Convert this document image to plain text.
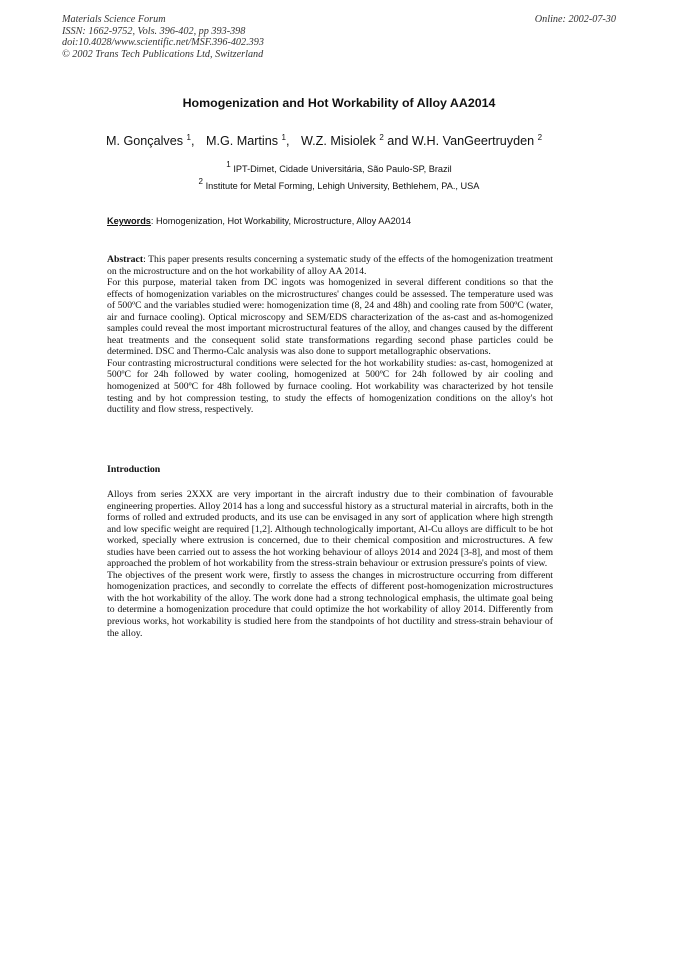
Materials Science Forum
ISSN: 1662-9752, Vols. 396-402, pp 393-398
doi:10.4028/www.scientific.net/MSF.396-402.393
© 2002 Trans Tech Publications Ltd, Switzerland
Online: 2002-07-30
Homogenization and Hot Workability of Alloy AA2014
M. Gonçalves $^1$, M.G. Martins $^1$, W.Z. Misiolek $^2$ and W.H. VanGeertruyden $^2$
$^1$ IPT-Dimet, Cidade Universitária, São Paulo-SP, Brazil
$^2$ Institute for Metal Forming, Lehigh University, Bethlehem, PA., USA
Keywords: Homogenization, Hot Workability, Microstructure, Alloy AA2014

Abstract: This paper presents results concerning a systematic study of the effects of the homogenization treatment on the microstructure and on the hot workability of alloy AA 2014.

For this purpose, material taken from DC ingots was homogenized in several different conditions so that the effects of homogenization variables on the microstructures' changes could be assessed. The temperature used was of 500ºC and the variables studied were: homogenization time (8, 24 and 48h) and cooling rate from 500ºC (water, air and furnace cooling). Optical microscopy and SEM/EDS characterization of the as-cast and as-homogenized samples could reveal the most important microstructural features of the alloy, and changes caused by the different heat treatments and the consequent solid state transformations regarding second phase particles could be determined. DSC and Thermo-Calc analysis was also done to support metallographic observations.

Four contrasting microstructural conditions were selected for the hot workability studies: as-cast, homogenized at 500ºC for 24h followed by water cooling, homogenized at 500ºC for 24h followed by air cooling and homogenized at 500ºC for 48h followed by furnace cooling. Hot workability was characterized by hot tensile testing and by hot compression testing, to study the effects of homogenization conditions on the alloy's hot ductility and flow stress, respectively.

Introduction

Alloys from series 2XXX are very important in the aircraft industry due to their combination of favourable engineering properties. Alloy 2014 has a long and successful history as a structural material in aircrafts, both in the forms of rolled and extruded products, and its use can be envisaged in any sort of application where high strength and low specific weight are required [1,2]. Although technologically important, Al-Cu alloys are difficult to be hot worked, specially where extrusion is concerned, due to their chemical composition and microstructures. A few studies have been carried out to assess the hot working behaviour of alloys 2014 and 2024 [3-8], and most of them approached the problem of hot workability from the stress-strain behaviour or extrusion pressure's points of view.

The objectives of the present work were, firstly to assess the changes in microstructure occurring from different homogenization practices, and secondly to correlate the effects of different post-homogenization microstructures with the hot workability of the alloy. The work done had a strong technological emphasis, the ultimate goal being to determine a homogenization procedure that could optimize the hot workability of alloy 2014. Differently from previous works, hot workability is studied here from the standpoints of hot ductility and stress-strain behaviour of the alloy.
